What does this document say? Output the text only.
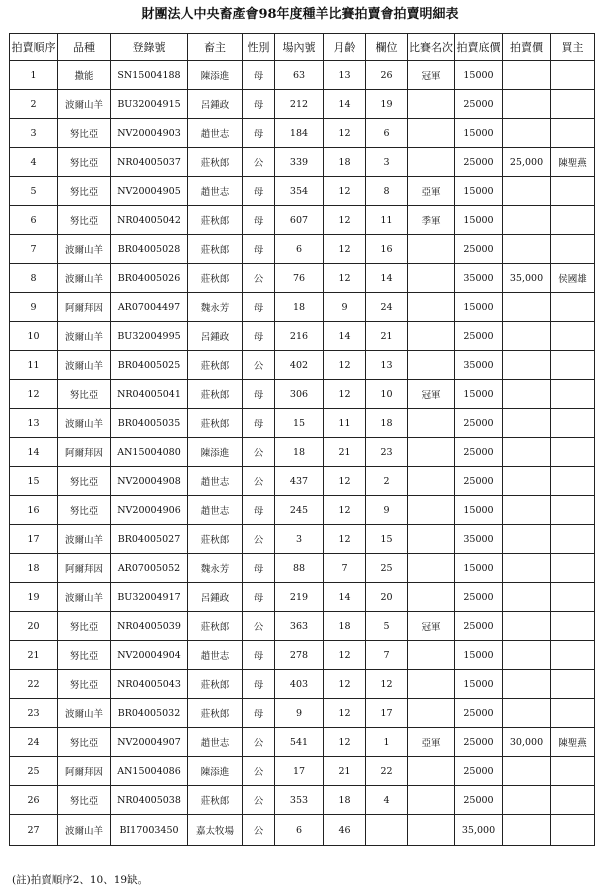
財團法人中央畜產會98年度種羊比賽拍賣會拍賣明細表
拍賣順序	品種	登錄號	畜主	性別	場內號	月齡	欄位	比賽名次	拍賣底價	拍賣價	買主
1	撒能	SN15004188	陳添進	母	63	13	26	冠軍	15000		
2	波爾山羊	BU32004915	呂鍾政	母	212	14	19		25000		
3	努比亞	NV20004903	趙世志	母	184	12	6		15000		
4	努比亞	NR04005037	莊秋郎	公	339	18	3		25000	25,000	陳聖燕
5	努比亞	NV20004905	趙世志	母	354	12	8	亞軍	15000		
6	努比亞	NR04005042	莊秋郎	母	607	12	11	季軍	15000		
7	波爾山羊	BR04005028	莊秋郎	母	6	12	16		25000		
8	波爾山羊	BR04005026	莊秋郎	公	76	12	14		35000	35,000	侯國雄
9	阿爾拜因	AR07004497	魏永芳	母	18	9	24		15000		
10	波爾山羊	BU32004995	呂鍾政	母	216	14	21		25000		
11	波爾山羊	BR04005025	莊秋郎	公	402	12	13		35000		
12	努比亞	NR04005041	莊秋郎	母	306	12	10	冠軍	15000		
13	波爾山羊	BR04005035	莊秋郎	母	15	11	18		25000		
14	阿爾拜因	AN15004080	陳添進	公	18	21	23		25000		
15	努比亞	NV20004908	趙世志	公	437	12	2		25000		
16	努比亞	NV20004906	趙世志	母	245	12	9		15000		
17	波爾山羊	BR04005027	莊秋郎	公	3	12	15		35000		
18	阿爾拜因	AR07005052	魏永芳	母	88	7	25		15000		
19	波爾山羊	BU32004917	呂鍾政	母	219	14	20		25000		
20	努比亞	NR04005039	莊秋郎	公	363	18	5	冠軍	25000		
21	努比亞	NV20004904	趙世志	母	278	12	7		15000		
22	努比亞	NR04005043	莊秋郎	母	403	12	12		15000		
23	波爾山羊	BR04005032	莊秋郎	母	9	12	17		25000		
24	努比亞	NV20004907	趙世志	公	541	12	1	亞軍	25000	30,000	陳聖燕
25	阿爾拜因	AN15004086	陳添進	公	17	21	22		25000		
26	努比亞	NR04005038	莊秋郎	公	353	18	4		25000		
27	波爾山羊	BI17003450	嘉太牧場	公	6	46			35,000		
(註)拍賣順序2、10、19缺。
